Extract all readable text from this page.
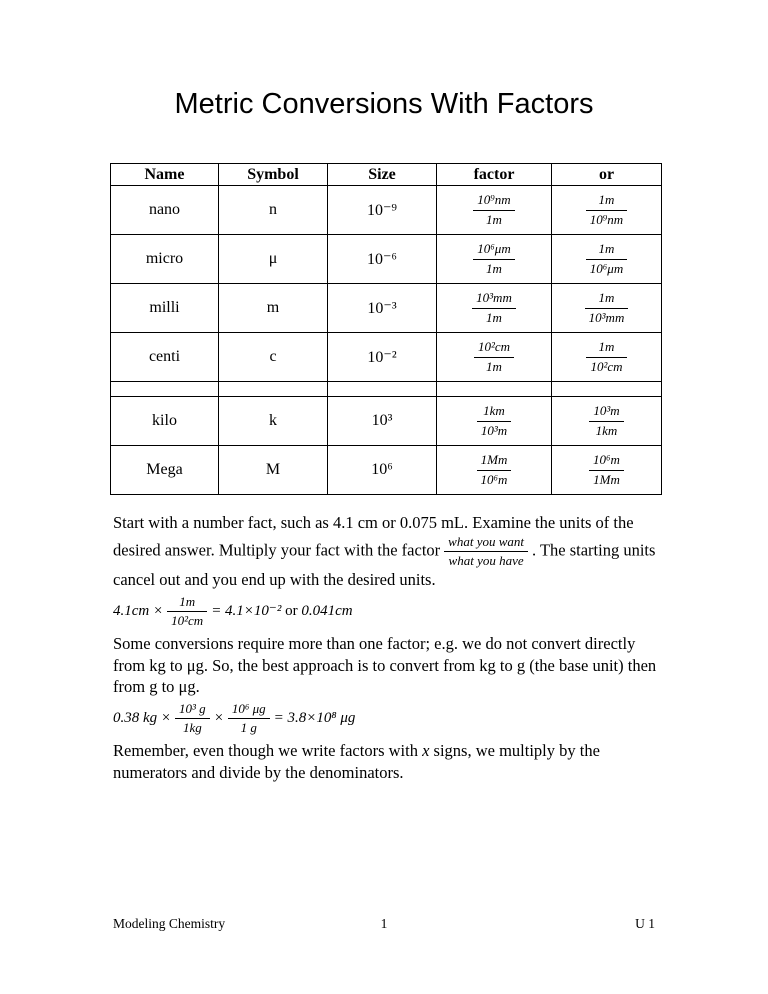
Metric Conversions With Factors
Name	Symbol	Size	factor	or
nano	n	10⁻⁹	$\frac{\text{10⁹nm}}{1m}$	$\frac{1m}{\text{10⁹nm}}$

micro	μ	10⁻⁶	$\frac{\text{10⁶μm}}{1m}$	$\frac{1m}{\text{10⁶μm}}$

milli	m	10⁻³	$\frac{\text{10³mm}}{1m}$	$\frac{1m}{\text{10³mm}}$

centi	c	10⁻²	$\frac{\text{10²cm}}{1m}$	$\frac{1m}{\text{10²cm}}$

kilo	k	10³	$\frac{1km}{\text{10³m}}$	$\frac{\text{10³m}}{1km}$

Mega	M	10⁶	$\frac{1Mm}{\text{10⁶m}}$	$\frac{\text{10⁶m}}{1Mm}$

Start with a number fact, such as 4.1 cm or 0.075 mL. Examine the units of the desired answer. Multiply your fact with the factor $\frac{\text{what you want}}{\text{what you have}}$ . The starting units cancel out and you end up with the desired units.

$4.1cm \times \frac{1m}{\text{10²cm}} = 4.1\times 10^{-2}$ or 0.041cm

Some conversions require more than one factor; e.g. we do not convert directly from kg to μg. So, the best approach is to convert from kg to g (the base unit) then from g to μg.

0.38 kg × $\frac{\text{10³ g}}{1kg} \times \frac{\text{10⁶ μg}}{1 g} = 3.8\times 10^8$ μg

Remember, even though we write factors with x signs, we multiply by the numerators and divide by the denominators.

Modeling Chemistry	1	U 1
